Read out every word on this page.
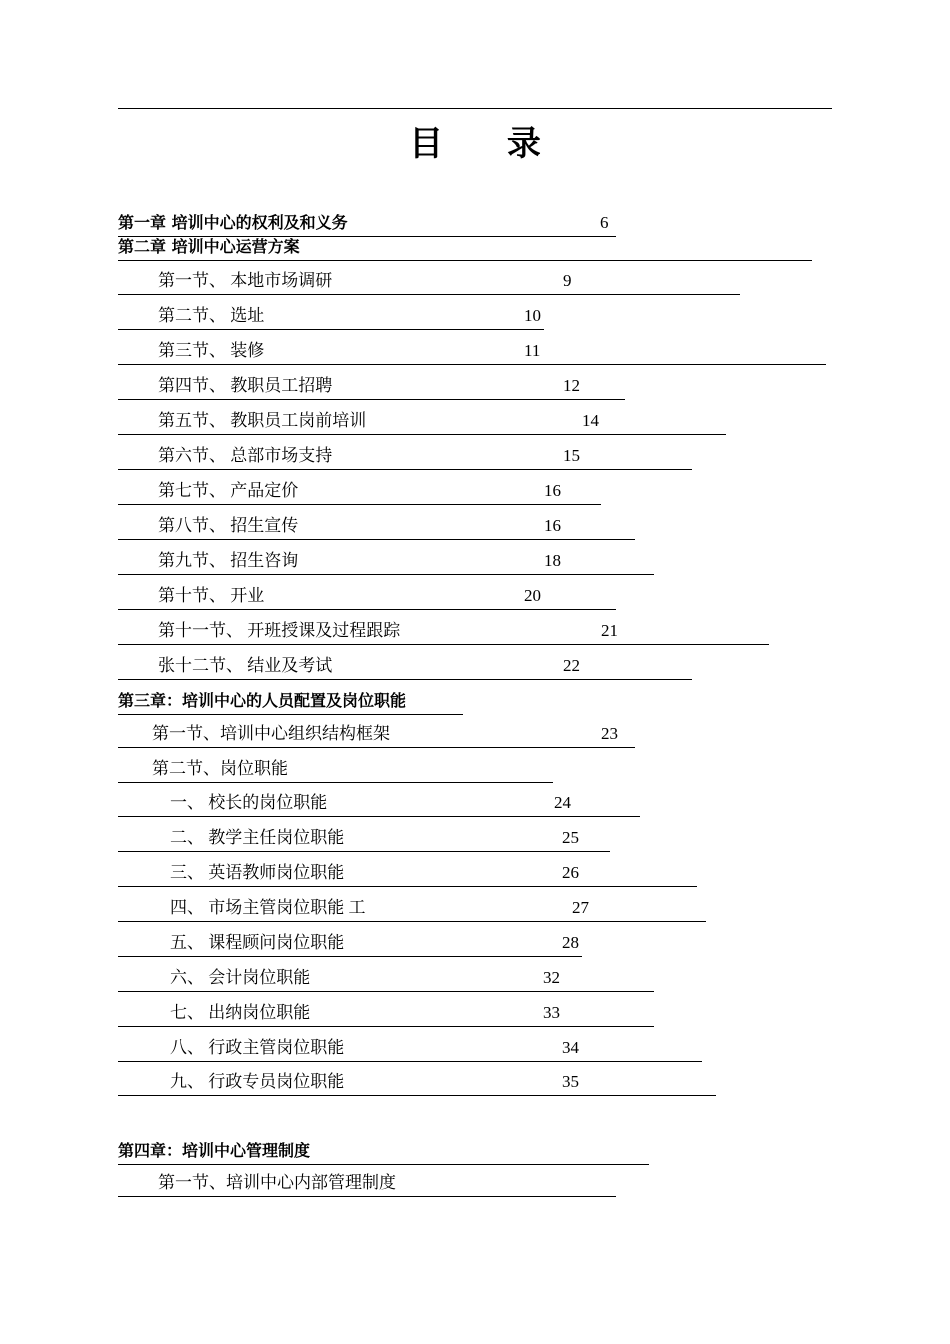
目 录
第一章 培训中心的权利及和义务	6
第二章 培训中心运营方案
第一节、 本地市场调研	9
第二节、 选址	10
第三节、 装修	11
第四节、 教职员工招聘	12
第五节、 教职员工岗前培训	14
第六节、 总部市场支持	15
第七节、 产品定价	16
第八节、 招生宣传	16
第九节、 招生咨询	18
第十节、 开业	20
第十一节、 开班授课及过程跟踪	21
张十二节、 结业及考试	22
第三章：培训中心的人员配置及岗位职能
第一节、培训中心组织结构框架	23
第二节、岗位职能
一、 校长的岗位职能	24
二、 教学主任岗位职能	25
三、 英语教师岗位职能	26
四、 市场主管岗位职能 工	27
五、 课程顾问岗位职能	28
六、 会计岗位职能	32
七、 出纳岗位职能	33
八、 行政主管岗位职能	34
九、 行政专员岗位职能	35
第四章：培训中心管理制度
第一节、培训中心内部管理制度
